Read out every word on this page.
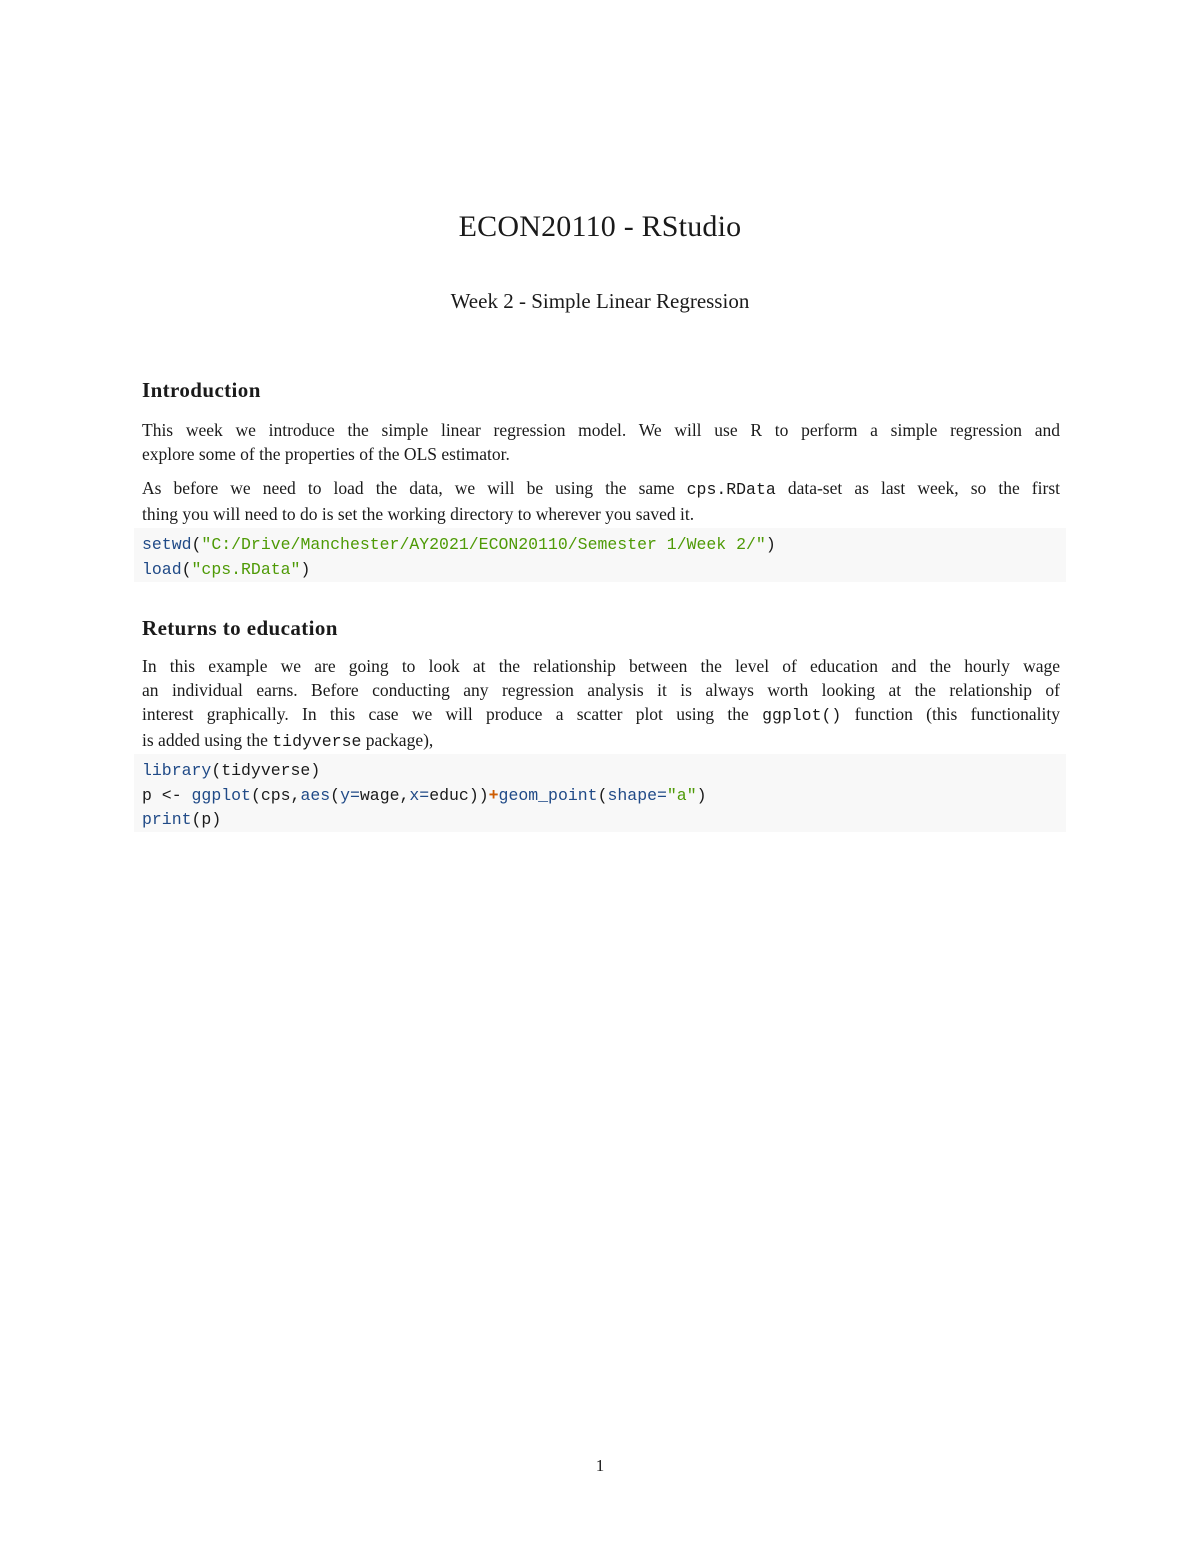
ECON20110 - RStudio
Week 2 - Simple Linear Regression
Introduction
This week we introduce the simple linear regression model. We will use R to perform a simple regression and
explore some of the properties of the OLS estimator.
As before we need to load the data, we will be using the same cps.RData data-set as last week, so the first
thing you will need to do is set the working directory to wherever you saved it.
setwd("C:/Drive/Manchester/AY2021/ECON20110/Semester 1/Week 2/")
load("cps.RData")
Returns to education
In this example we are going to look at the relationship between the level of education and the hourly wage
an individual earns. Before conducting any regression analysis it is always worth looking at the relationship of
interest graphically. In this case we will produce a scatter plot using the ggplot() function (this functionality
is added using the tidyverse package),
library(tidyverse)
p <- ggplot(cps,aes(y=wage,x=educ))+geom_point(shape="a")
print(p)
1
